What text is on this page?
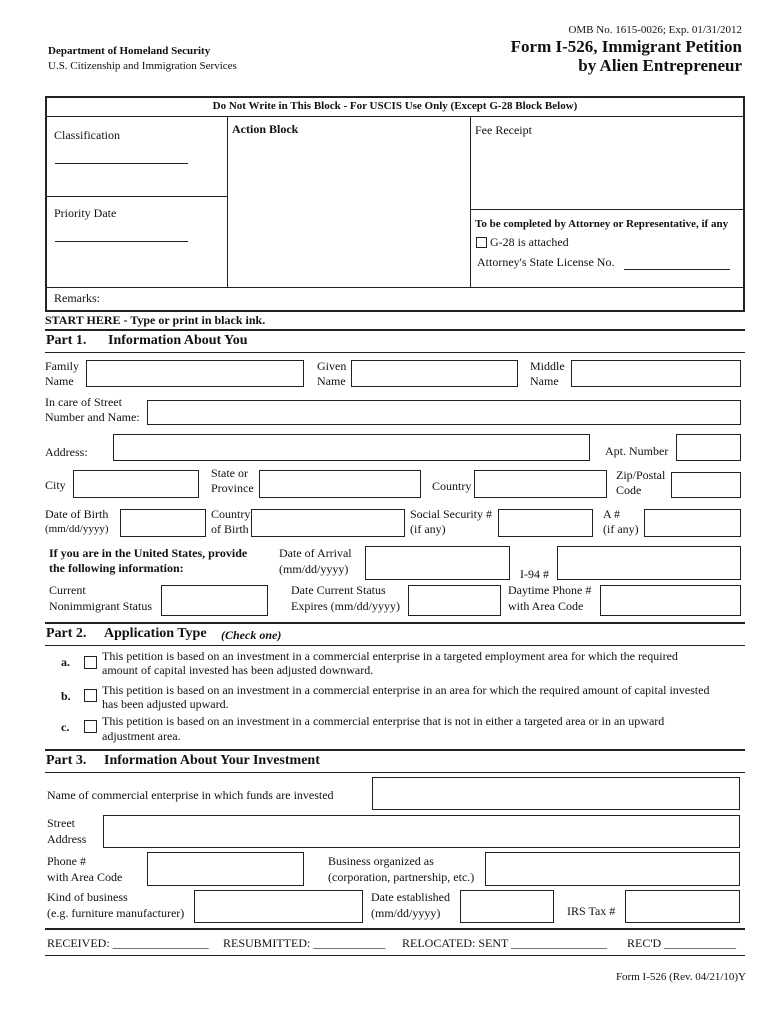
OMB No. 1615-0026; Exp. 01/31/2012
Form I-526, Immigrant Petition
by Alien Entrepreneur
Department of Homeland Security
U.S. Citizenship and Immigration Services
Do Not Write in This Block - For USCIS Use Only (Except G-28 Block Below)
Classification
Priority Date
Action Block	Fee Receipt
To be completed by Attorney or Representative, if any
G-28 is attached
Attorney's State License No.
Remarks:
START HERE - Type or print in black ink.
Part 1. Information About You
Family
Name
Given
Name
Middle
Name
In care of Street
Number and Name:
Address:	Apt. Number
City
State or
Province	Country
Zip/Postal
Code
Date of Birth
(mm/dd/yyyy)
Country
of Birth
Social Security #
(if any)
A #
(if any)
If you are in the United States, provide
the following information:
Date of Arrival
(mm/dd/yyyy)	I-94 #
Current
Nonimmigrant Status
Date Current Status
Expires (mm/dd/yyyy)
Daytime Phone #
with Area Code
Part 2. Application Type (Check one)
a.	This petition is based on an investment in a commercial enterprise in a targeted employment area for which the required
amount of capital invested has been adjusted downward.
b.	This petition is based on an investment in a commercial enterprise in an area for which the required amount of capital invested
has been adjusted upward.
c.	This petition is based on an investment in a commercial enterprise that is not in either a targeted area or in an upward
adjustment area.
Part 3. Information About Your Investment
Name of commercial enterprise in which funds are invested
Street
Address
Phone #
with Area Code
Business organized as
(corporation, partnership, etc.)
Kind of business
(e.g. furniture manufacturer)
Date established
(mm/dd/yyyy)	IRS Tax #
RECEIVED: ________________ RESUBMITTED: ____________ RELOCATED: SENT ________________ REC'D ____________
Form I-526 (Rev. 04/21/10)Y
